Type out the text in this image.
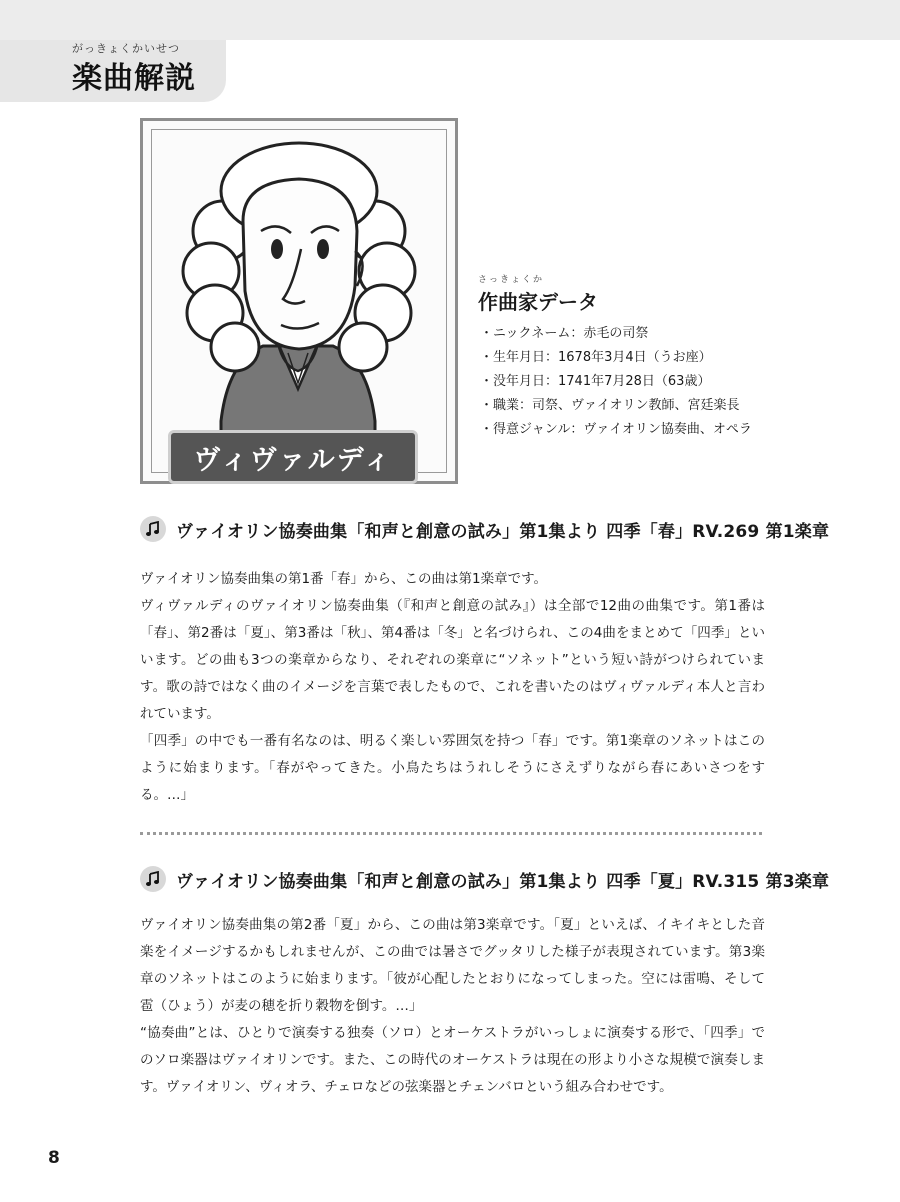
がっきょくかいせつ
楽曲解説
ヴィヴァルディ
さっきょくか
作曲家データ
・ニックネーム：赤毛の司祭
・生年月日：1678年3月4日（うお座）
・没年月日：1741年7月28日（63歳）
・職業：司祭、ヴァイオリン教師、宮廷楽長
・得意ジャンル：ヴァイオリン協奏曲、オペラ
ヴァイオリン協奏曲集「和声と創意の試み」第1集より 四季「春」RV.269 第1楽章

ヴァイオリン協奏曲集の第1番「春」から、この曲は第1楽章です。

ヴィヴァルディのヴァイオリン協奏曲集（『和声と創意の試み』）は全部で12曲の曲集です。第1番は「春」、第2番は「夏」、第3番は「秋」、第4番は「冬」と名づけられ、この4曲をまとめて「四季」といいます。どの曲も3つの楽章からなり、それぞれの楽章に“ソネット”という短い詩がつけられています。歌の詩ではなく曲のイメージを言葉で表したもので、これを書いたのはヴィヴァルディ本人と言われています。

「四季」の中でも一番有名なのは、明るく楽しい雰囲気を持つ「春」です。第1楽章のソネットはこのように始まります。「春がやってきた。小鳥たちはうれしそうにさえずりながら春にあいさつをする。…」

ヴァイオリン協奏曲集「和声と創意の試み」第1集より 四季「夏」RV.315 第3楽章

ヴァイオリン協奏曲集の第2番「夏」から、この曲は第3楽章です。「夏」といえば、イキイキとした音楽をイメージするかもしれませんが、この曲では暑さでグッタリした様子が表現されています。第3楽章のソネットはこのように始まります。「彼が心配したとおりになってしまった。空には雷鳴、そして雹（ひょう）が麦の穂を折り穀物を倒す。…」

“協奏曲”とは、ひとりで演奏する独奏（ソロ）とオーケストラがいっしょに演奏する形で、「四季」でのソロ楽器はヴァイオリンです。また、この時代のオーケストラは現在の形より小さな規模で演奏します。ヴァイオリン、ヴィオラ、チェロなどの弦楽器とチェンバロという組み合わせです。

8
